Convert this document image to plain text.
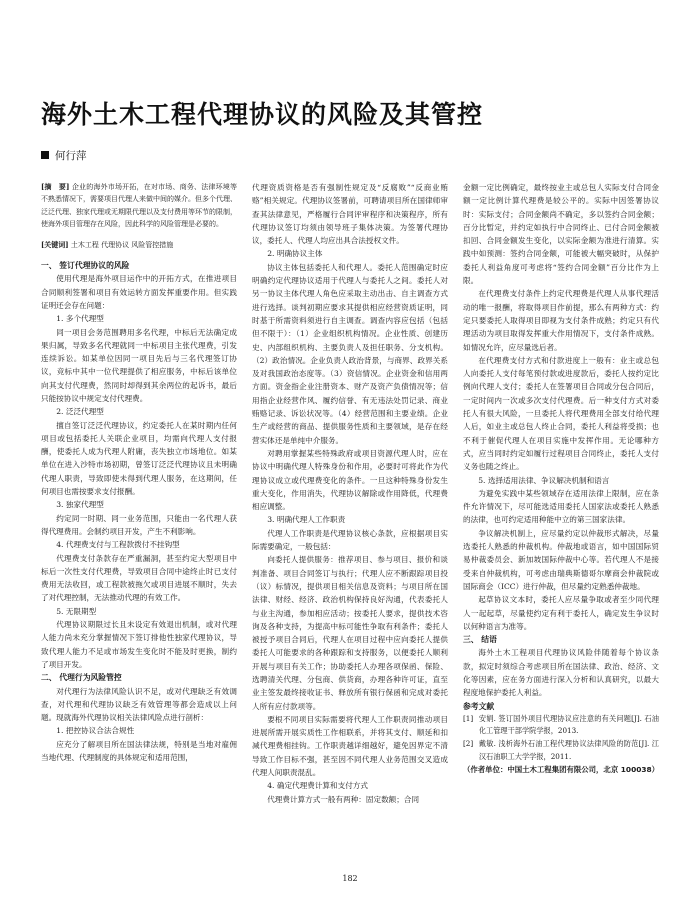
海外土木工程代理协议的风险及其管控
何行萍

[摘　要] 企业的海外市场开拓，在对市场、商务、法律环境等不熟悉情况下，需要项目代理人来做中间的媒介。但多个代理、泛泛代理、独家代理或无期限代理以及支付费用等环节的限制，使海外项目管理存在风险，因此科学的风险管理是必要的。

[关键词] 土木工程 代理协议 风险管控措施

一、 签订代理协议的风险

使用代理是海外项目运作中的开拓方式，在推进项目合同顺利签署和项目有效运转方面发挥重要作用。但实践证明还会存在问题：

1. 多个代理型

同一项目会务范围聘用多名代理，中标后无法确定成果归属，导致多名代理就同一中标项目主张代理费，引发连续诉讼。如某单位因同一项目先后与三名代理签订协议，竞标中其中一位代理提供了相应服务，中标后该单位向其支付代理费，然同时却得到其余两位的起诉书，最后只能按协议中规定支付代理费。

2. 泛泛代理型

擅自签订泛泛代理协议，约定委托人在某时期内任何项目或包括委托人关联企业项目，均需向代理人支付报酬，使委托人成为代理人附庸，丧失独立市场地位。如某单位在进入沙特市场初期，曾签订泛泛代理协议且未明确代理人职责，导致即使未得到代理人服务，在这期间，任何项目也需按要求支付报酬。

3. 独家代理型

约定同一时期、同一业务范围，只能由一名代理人获得代理费用。会制约项目开发，产生不利影响。

4. 代理费支付与工程款拨付不挂钩型

代理费支付条款存在严重漏洞，甚至约定大型项目中标后一次性支付代理费，导致项目合同中途终止时已支付费用无法收回，或工程款被拖欠或项目进展不顺时，失去了对代理控制，无法推动代理的有效工作。

5. 无限期型

代理协议期限过长且未设定有效退出机制，或对代理人能力尚未充分掌握情况下签订排他性独家代理协议，导致代理人能力不足或市场发生变化时不能及时更换，制约了项目开发。

二、 代理行为风险管控

对代理行为法律风险认识不足，或对代理缺乏有效调查，对代理和代理协议缺乏有效管理等都会造成以上问题。现就海外代理协议相关法律风险点进行剖析：

1. 把控协议合法合规性

应充分了解项目所在国法律法规，特别是当地对雇佣当地代理、代理制度的具体规定和适用范围，

代理资质资格是否有强制性规定及“反腐败”“反商业贿赂”相关规定。代理协议签署前，可聘请项目所在国律师审查其法律意见，严格履行合同评审程序和决策程序，所有代理协议签订均须由领导班子集体决策。为签署代理协议，委托人、代理人均应出具合法授权文件。

2. 明确协议主体

协议主体包括委托人和代理人。委托人范围确定时应明确约定代理协议适用于代理人与委托人之间。委托人对另一协议主体代理人角色应采取主动出击、自主调查方式进行选择。谈判初期应要求其提供相应经营资质证明，同时基于所需资料须进行自主调查。调查内容应包括（包括但不限于）：（1）企业组织机构情况。企业性质、创建历史、内部组织机构、主要负责人及担任职务、分支机构。（2）政治情况。企业负责人政治背景，与商界、政界关系及对我国政治态度等。（3）资信情况。企业资金和信用两方面。资金指企业注册资本、财产及资产负债情况等；信用指企业经营作风、履约信誉、有无违法处罚记录、商业贿赂记录、诉讼状况等。（4）经营范围和主要业绩。企业生产或经营的商品、提供服务性质和主要领域，是存在经营实体还是单纯中介服务。

对聘用掌握某些特殊政府或项目资源代理人时，应在协议中明确代理人特殊身份和作用，必要时可将此作为代理协议成立或代理费变化的条件。一旦这种特殊身份发生重大变化，作用消失，代理协议解除或作用降低，代理费相应调整。

3. 明确代理人工作职责

代理人工作职责是代理协议核心条款，应根据项目实际需要确定，一般包括：

向委托人提供服务：推荐项目、参与项目、报价和谈判准备、项目合同签订与执行；代理人应不断跟踪项目投（议）标情况，提供项目相关信息及资料；与项目所在国法律、财经、经济、政治机构保持良好沟通，代表委托人与业主沟通，参加相应活动；按委托人要求，提供技术咨询及各种支持，为提高中标可能性争取有利条件；委托人被授予项目合同后，代理人在项目过程中应向委托人提供委托人可能要求的各种跟踪和支持服务，以便委托人顺利开展与项目有关工作；协助委托人办理各项保函、保险、选聘清关代理、分包商、供货商，办理各种许可证，直至业主签发最终接收证书、释放所有银行保函和完成对委托人所有应付款项等。

要根不同项目实际需要将代理人工作职责同推动项目进展所需开展实质性工作相联系，并将其支付、顺延和扣减代理费相挂钩。工作职责越详细越好，避免因界定不清导致工作目标不强，甚至因不同代理人业务范围交叉造成代理人间职责混乱。

4. 确定代理费计算和支付方式

代理费计算方式一般有两种：固定数额；合同

金额一定比例确定，最终按业主或总包人实际支付合同金额一定比例计算代理费是较公平的。实际中因签署协议时：实际支付；合同金额尚不确定，多以签约合同金额；百分比暂定，并约定如执行中合同终止、已付合同金额被扣回、合同金额发生变化，以实际金额为准进行清算。实践中如预测：签约合同金额，可能被大幅突破时，从保护委托人利益角度可考虑将“签约合同金额”百分比作为上限。

在代理费支付条件上约定代理费是代理人从事代理活动的唯一报酬，将取得项目作前提，那么有两种方式：约定只要委托人取得项目即视为支付条件成熟；约定只有代理活动为项目取得发挥重大作用情况下，支付条件成熟。如情况允许，应尽量选后者。

在代理费支付方式和付款进度上一般有：业主或总包人向委托人支付每笔预付款或进度款后，委托人按约定比例向代理人支付；委托人在签署项目合同或分包合同后，一定时间内一次或多次支付代理费。后一种支付方式对委托人有很大风险，一旦委托人将代理费用全部支付给代理人后，如业主或总包人终止合同，委托人利益将受损；也不利于催促代理人在项目实施中发挥作用。无论哪种方式，应当同时约定如履行过程项目合同终止，委托人支付义务也随之终止。

5. 选择适用法律、争议解决机制和语言

为避免实践中某些领域存在适用法律上限制，应在条件允许情况下，尽可能选适用委托人国家法或委托人熟悉的法律，也可约定适用种能中立的第三国家法律。

争议解决机制上，应尽量约定以仲裁形式解决，尽量选委托人熟悉的仲裁机构。仲裁地或语言，如中国国际贸易仲裁委员会、新加坡国际仲裁中心等。若代理人不是接受来自仲裁机构，可考虑由瑞典斯德哥尔摩商会仲裁院或国际商会（ICC）进行仲裁，但尽量约定熟悉仲裁地。

起草协议文本时，委托人应尽量争取或者至少同代理人一起起草，尽量使约定有利于委托人，确定发生争议时以何种语言为准等。

三、 结语

海外土木工程项目代理协议风险伴随着每个协议条款，拟定时须综合考虑项目所在国法律、政治、经济、文化等因素，应在务方面进行深入分析和认真研究，以最大程度地保护委托人利益。

参考文献

[1] 安娟. 签订国外项目代理协议应注意的有关问题[J]. 石油化工管理干部学院学报，2013.

[2] 戴敏. 浅析海外石油工程代理协议法律风险的防范[J]. 江汉石油职工大学学报，2011.

（作者单位：中国土木工程集团有限公司，北京 100038）

182
